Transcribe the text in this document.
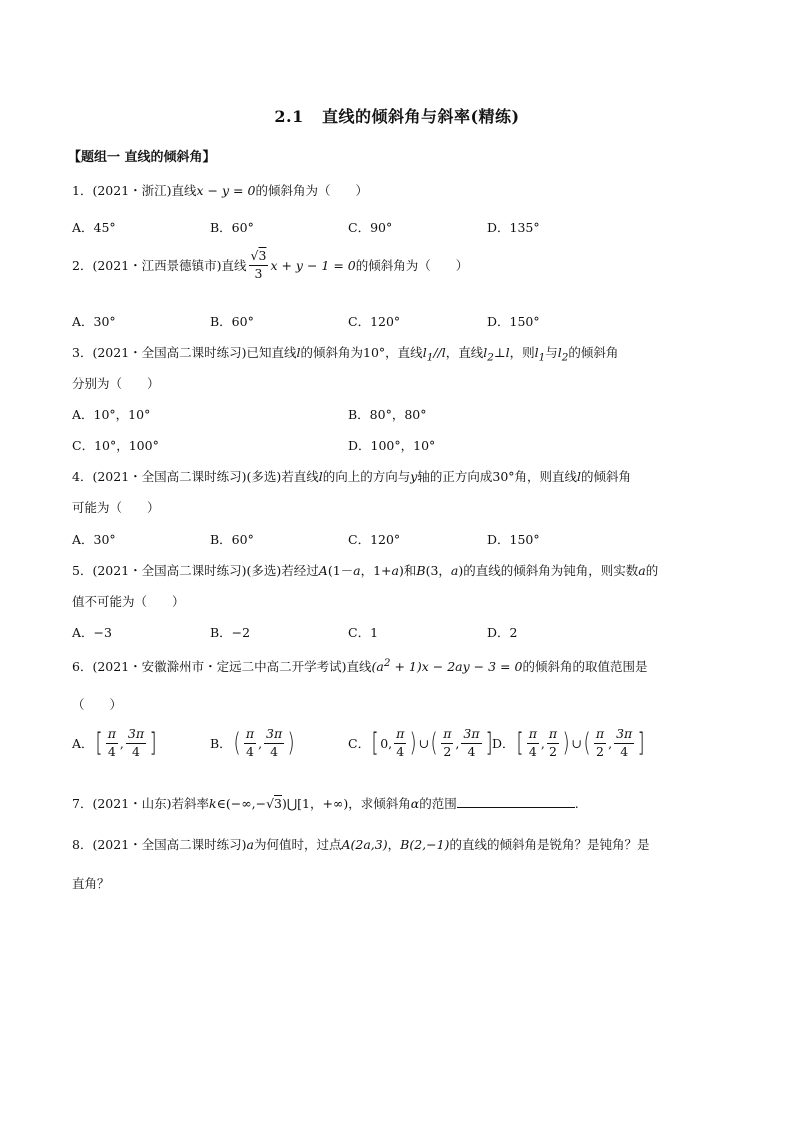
2.1   直线的倾斜角与斜率(精练)
【题组一 直线的倾斜角】
1．(2021・浙江)直线x − y = 0的倾斜角为（　　）
A．45°	B．60°	C．90°	D．135°
2．(2021・江西景德镇市)直线 $\frac{√3}{3}$ x + y − 1 = 0 的倾斜角为（　　）
A．30°	B．60°	C．120°	D．150°
3．(2021・全国高二课时练习)已知直线l的倾斜角为10°，直线$l_1//l$，直线$l_2\perp l$，则$l_1$与$l_2$的倾斜角
分别为（　　）
A．10°，10°	B．80°，80°
C．10°，100°	D．100°，10°
4．(2021・全国高二课时练习)(多选)若直线l的向上的方向与y轴的正方向成30°角，则直线l的倾斜角
可能为（　　）
A．30°	B．60°	C．120°	D．150°
5．(2021・全国高二课时练习)(多选)若经过A(1－a，1+a)和B(3，a)的直线的倾斜角为钝角，则实数a的
值不可能为（　　）
A．−3	B．−2	C．1	D．2
6．(2021・安徽滁州市・定远二中高二开学考试)直线$(a^2 + 1)x - 2ay - 3 = 0$的倾斜角的取值范围是
（　　）
A． [ $\frac{\pi}{4}$ , $\frac{3\pi}{4}$ ]	B． ( $\frac{\pi}{4}$ , $\frac{3\pi}{4}$ )	C． [ 0, $\frac{\pi}{4}$ ) ∪ ( $\frac{\pi}{2}$ , $\frac{3\pi}{4}$ ] D． [ $\frac{\pi}{4}$ , $\frac{\pi}{2}$ ) ∪ ( $\frac{\pi}{2}$ , $\frac{3\pi}{4}$ ]
7．(2021・山东)若斜率k∈(−∞,−√3)⋃[1，+∞)，求倾斜角α的范围	.
8．(2021・全国高二课时练习)a为何值时，过点A(2a,3)，B(2,−1)的直线的倾斜角是锐角？是钝角？是
直角？
